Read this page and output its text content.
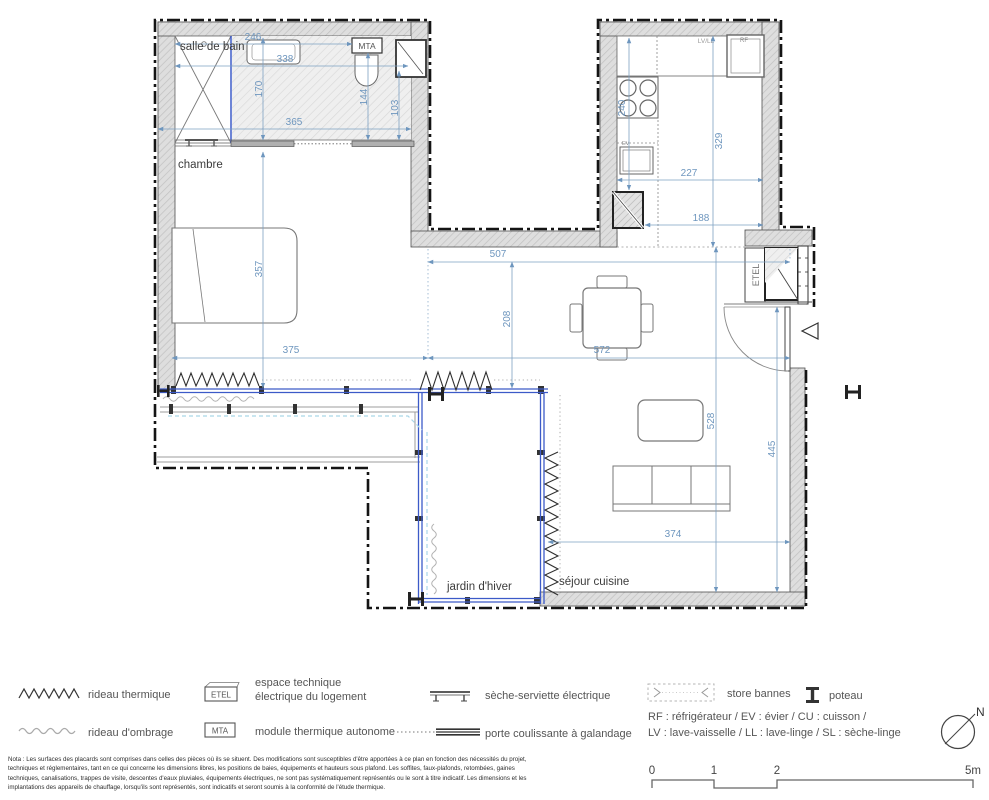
MTA	RF
LV/LL
EV
ETEL
246
338
170
365
144
103	240
329
227
188
507
357
208
375	572
528
445
374
salle de bain
chambre
jardin d'hiver	séjour cuisine
rideau thermique
rideau d'ombrage
ETEL
espace technique
électrique du logement
MTA module thermique autonome
sèche-serviette électrique
porte coulissante à galandage
store bannes	poteau
RF : réfrigérateur / EV : évier / CU : cuisson /
LV : lave-vaisselle / LL : lave-linge / SL : sèche-linge
N
0	1	2	5m
Nota : Les surfaces des placards sont comprises dans celles des pièces où ils se situent. Des modifications sont susceptibles d'être apportées à ce plan en fonction des nécessités du projet,
techniques et réglementaires, tant en ce qui concerne les dimensions libres, les positions de baies, équipements et hauteurs sous plafond. Les soffites, faux-plafonds, retombées, gaines
techniques, canalisations, trappes de visite, descentes d'eaux pluviales, équipements électriques, ne sont pas systématiquement représentés ou le sont à titre indicatif. Les dimensions et les
implantations des appareils de chauffage, lorsqu'ils sont représentés, sont indicatifs et seront soumis à la conformité de l'étude thermique.
